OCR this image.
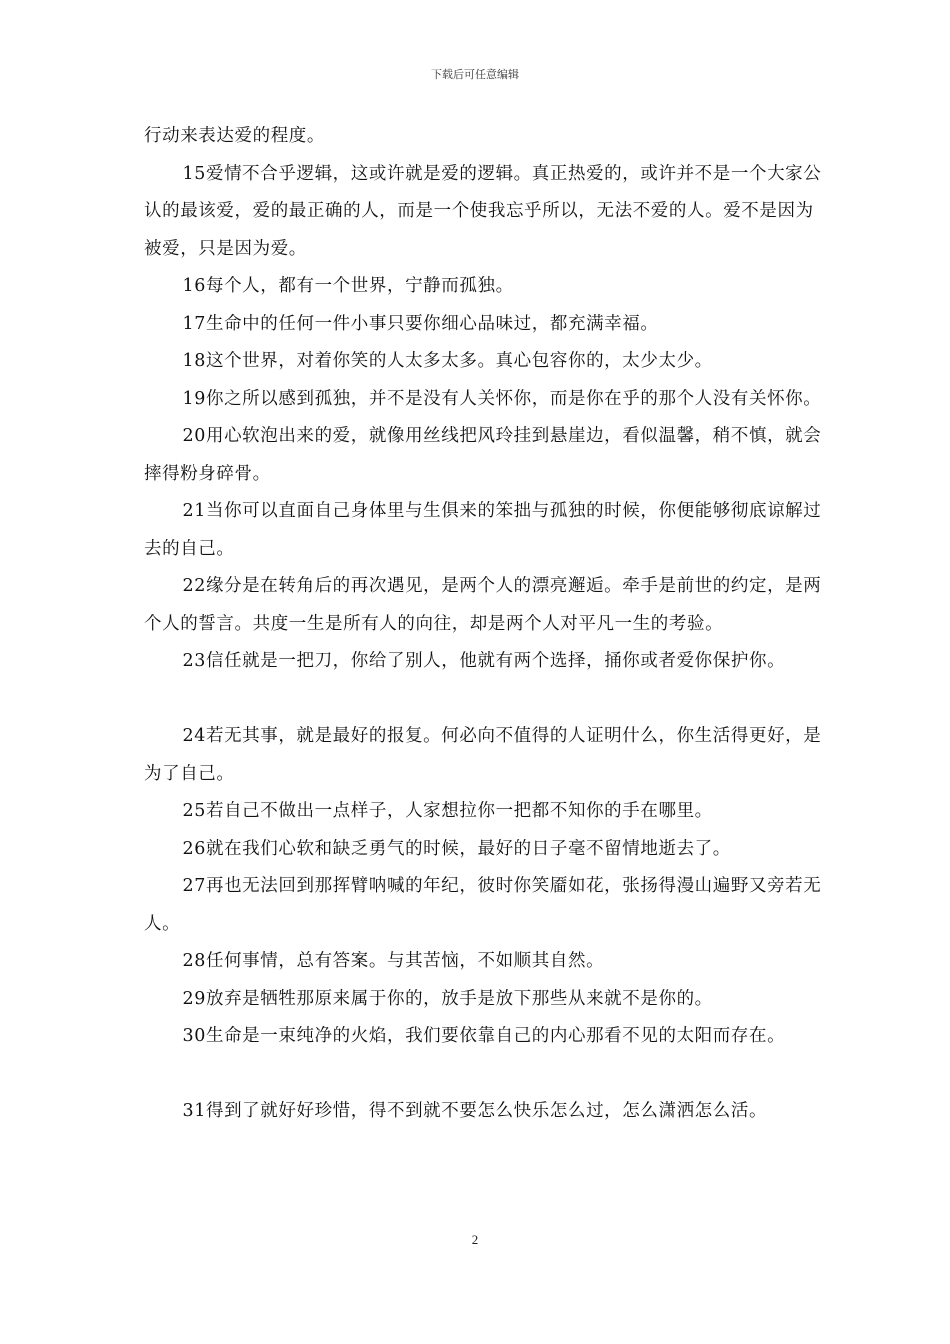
下载后可任意编辑

行动来表达爱的程度。

15爱情不合乎逻辑，这或许就是爱的逻辑。真正热爱的，或许并不是一个大家公认的最该爱，爱的最正确的人，而是一个使我忘乎所以，无法不爱的人。爱不是因为被爱，只是因为爱。

16每个人，都有一个世界，宁静而孤独。

17生命中的任何一件小事只要你细心品味过，都充满幸福。

18这个世界，对着你笑的人太多太多。真心包容你的，太少太少。

19你之所以感到孤独，并不是没有人关怀你，而是你在乎的那个人没有关怀你。

20用心软泡出来的爱，就像用丝线把风玲挂到悬崖边，看似温馨，稍不慎，就会摔得粉身碎骨。

21当你可以直面自己身体里与生俱来的笨拙与孤独的时候，你便能够彻底谅解过去的自己。

22缘分是在转角后的再次遇见，是两个人的漂亮邂逅。牵手是前世的约定，是两个人的誓言。共度一生是所有人的向往，却是两个人对平凡一生的考验。

23信任就是一把刀，你给了别人，他就有两个选择，捅你或者爱你保护你。

24若无其事，就是最好的报复。何必向不值得的人证明什么，你生活得更好，是为了自己。

25若自己不做出一点样子，人家想拉你一把都不知你的手在哪里。

26就在我们心软和缺乏勇气的时候，最好的日子毫不留情地逝去了。

27再也无法回到那挥臂呐喊的年纪，彼时你笑靥如花，张扬得漫山遍野又旁若无人。

28任何事情，总有答案。与其苦恼，不如顺其自然。

29放弃是牺牲那原来属于你的，放手是放下那些从来就不是你的。

30生命是一束纯净的火焰，我们要依靠自己的内心那看不见的太阳而存在。

31得到了就好好珍惜，得不到就不要怎么快乐怎么过，怎么潇洒怎么活。

2
